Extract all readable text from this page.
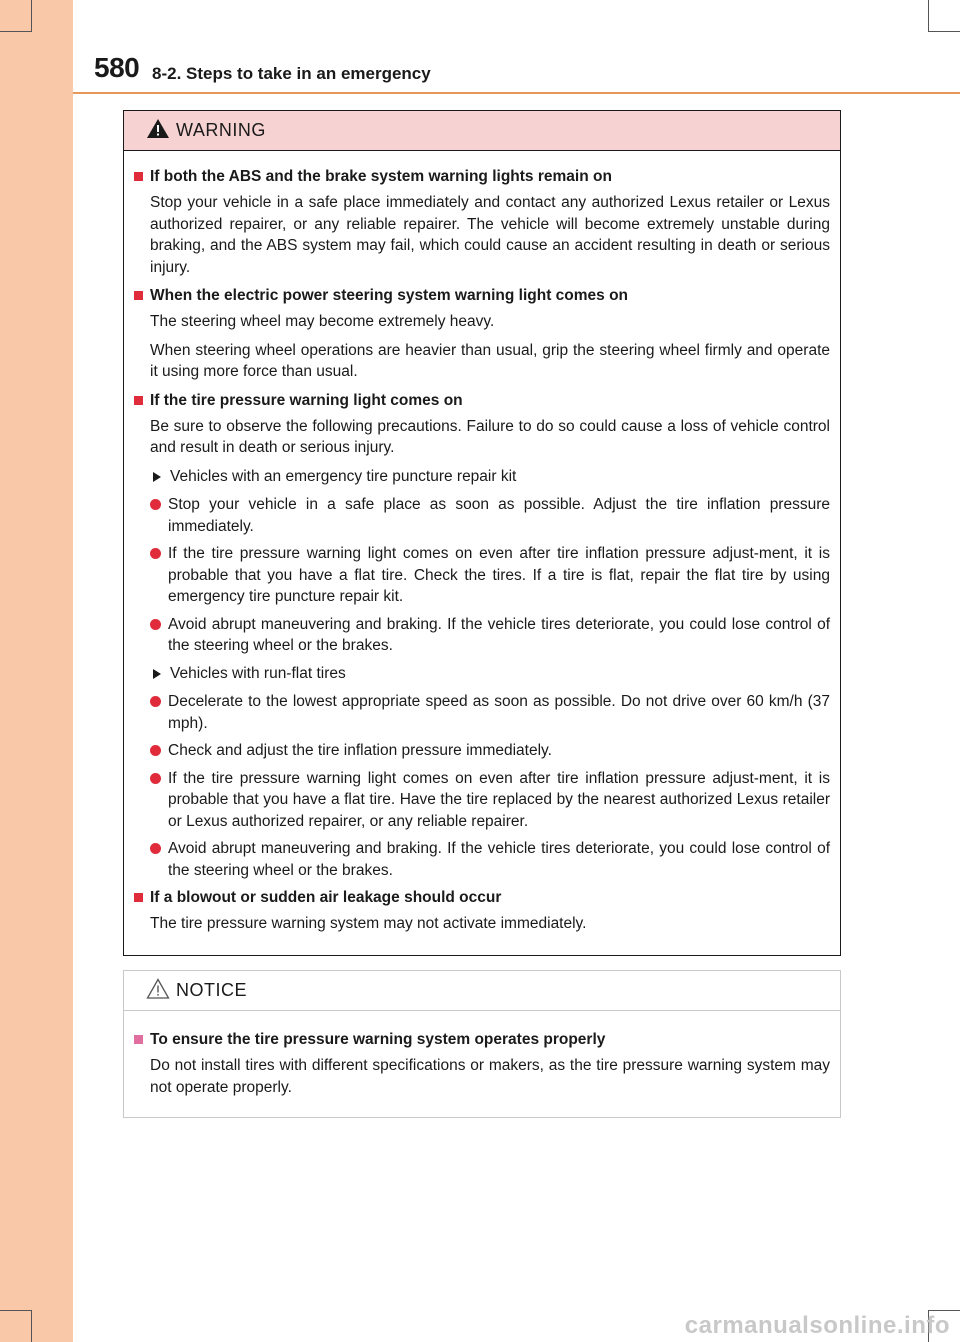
580 8-2. Steps to take in an emergency
WARNING
If both the ABS and the brake system warning lights remain on
Stop your vehicle in a safe place immediately and contact any authorized Lexus retailer or Lexus authorized repairer, or any reliable repairer. The vehicle will become extremely unstable during braking, and the ABS system may fail, which could cause an accident resulting in death or serious injury.
When the electric power steering system warning light comes on
The steering wheel may become extremely heavy.
When steering wheel operations are heavier than usual, grip the steering wheel firmly and operate it using more force than usual.
If the tire pressure warning light comes on
Be sure to observe the following precautions. Failure to do so could cause a loss of vehicle control and result in death or serious injury.
Vehicles with an emergency tire puncture repair kit
Stop your vehicle in a safe place as soon as possible. Adjust the tire inflation pressure immediately.
If the tire pressure warning light comes on even after tire inflation pressure adjust-ment, it is probable that you have a flat tire. Check the tires. If a tire is flat, repair the flat tire by using emergency tire puncture repair kit.
Avoid abrupt maneuvering and braking. If the vehicle tires deteriorate, you could lose control of the steering wheel or the brakes.
Vehicles with run-flat tires
Decelerate to the lowest appropriate speed as soon as possible. Do not drive over 60 km/h (37 mph).
Check and adjust the tire inflation pressure immediately.
If the tire pressure warning light comes on even after tire inflation pressure adjust-ment, it is probable that you have a flat tire. Have the tire replaced by the nearest authorized Lexus retailer or Lexus authorized repairer, or any reliable repairer.
Avoid abrupt maneuvering and braking. If the vehicle tires deteriorate, you could lose control of the steering wheel or the brakes.
If a blowout or sudden air leakage should occur
The tire pressure warning system may not activate immediately.
NOTICE
To ensure the tire pressure warning system operates properly
Do not install tires with different specifications or makers, as the tire pressure warning system may not operate properly.
carmanualsonline.info
